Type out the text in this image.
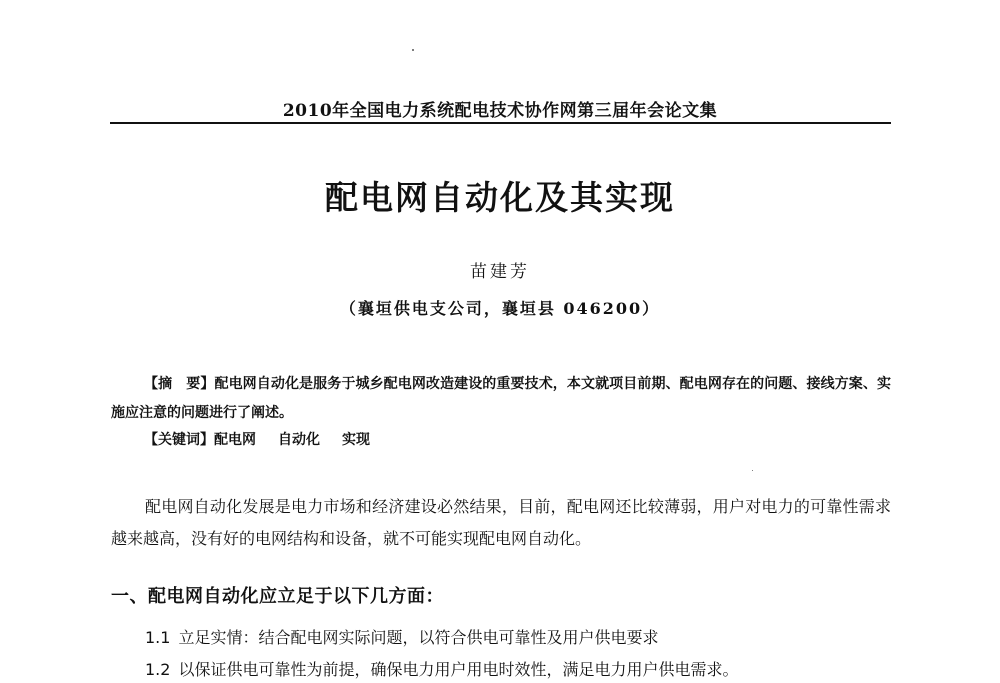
2010年全国电力系统配电技术协作网第三届年会论文集
配电网自动化及其实现
苗建芳
（襄垣供电支公司，襄垣县 046200）
【摘　要】配电网自动化是服务于城乡配电网改造建设的重要技术，本文就项目前期、配电网存在的问题、接线方案、实施应注意的问题进行了阐述。
【关键词】配电网 自动化 实现
配电网自动化发展是电力市场和经济建设必然结果，目前，配电网还比较薄弱，用户对电力的可靠性需求越来越高，没有好的电网结构和设备，就不可能实现配电网自动化。
一、配电网自动化应立足于以下几方面：
1.1 立足实情：结合配电网实际问题，以符合供电可靠性及用户供电要求
1.2 以保证供电可靠性为前提，确保电力用户用电时效性，满足电力用户供电需求。
